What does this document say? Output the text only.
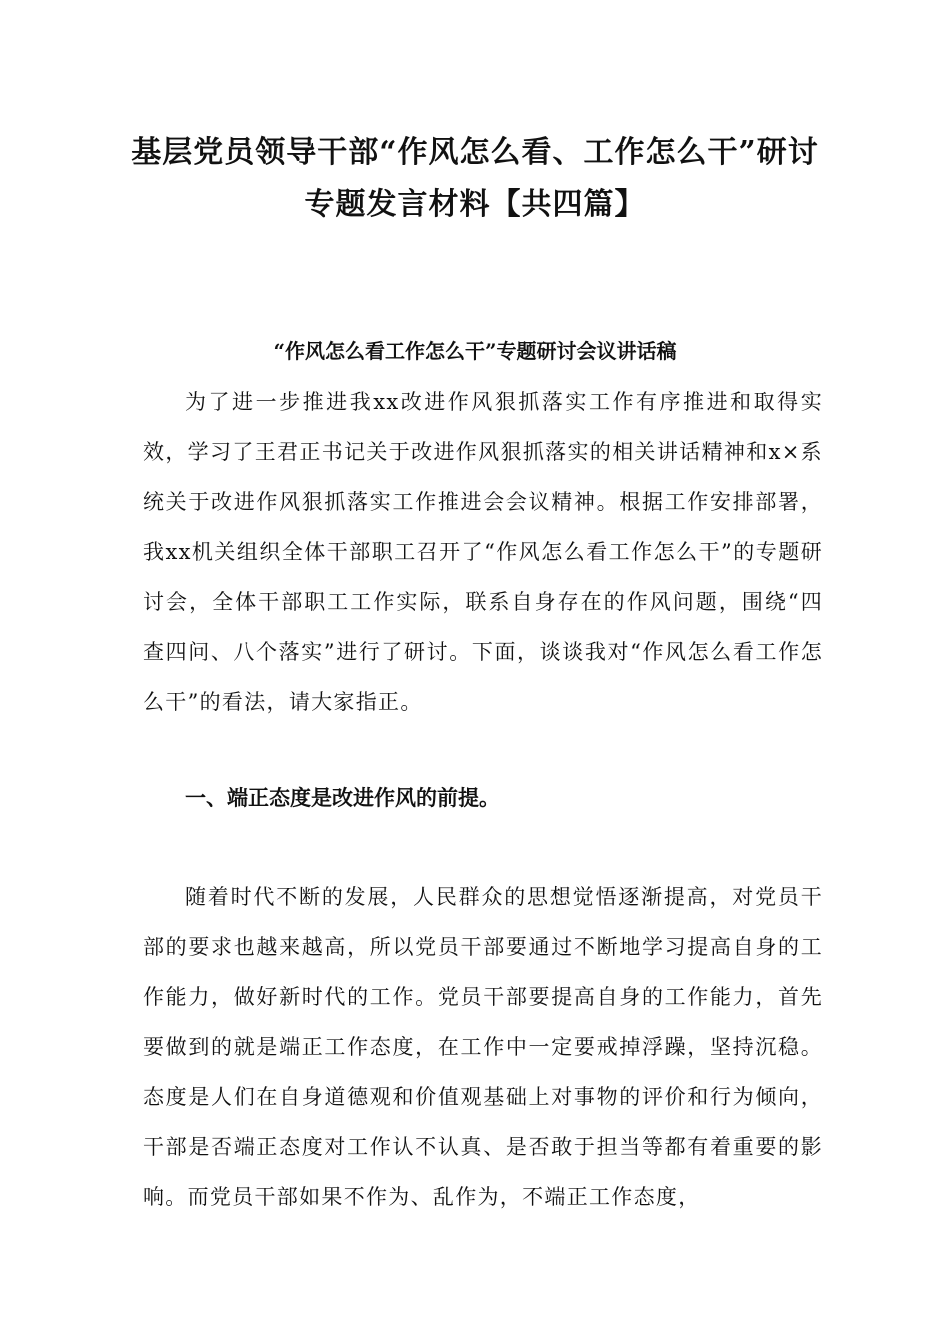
基层党员领导干部“作风怎么看、工作怎么干”研讨
专题发言材料【共四篇】
“作风怎么看工作怎么干”专题研讨会议讲话稿

为了进一步推进我xx改进作风狠抓落实工作有序推进和取得实效，学习了王君正书记关于改进作风狠抓落实的相关讲话精神和x×系统关于改进作风狠抓落实工作推进会会议精神。根据工作安排部署，我xx机关组织全体干部职工召开了“作风怎么看工作怎么干”的专题研讨会，全体干部职工工作实际，联系自身存在的作风问题，围绕“四查四问、八个落实”进行了研讨。下面，谈谈我对“作风怎么看工作怎么干”的看法，请大家指正。

一、端正态度是改进作风的前提。

随着时代不断的发展，人民群众的思想觉悟逐渐提高，对党员干部的要求也越来越高，所以党员干部要通过不断地学习提高自身的工作能力，做好新时代的工作。党员干部要提高自身的工作能力，首先要做到的就是端正工作态度，在工作中一定要戒掉浮躁，坚持沉稳。态度是人们在自身道德观和价值观基础上对事物的评价和行为倾向，干部是否端正态度对工作认不认真、是否敢于担当等都有着重要的影响。而党员干部如果不作为、乱作为，不端正工作态度，
